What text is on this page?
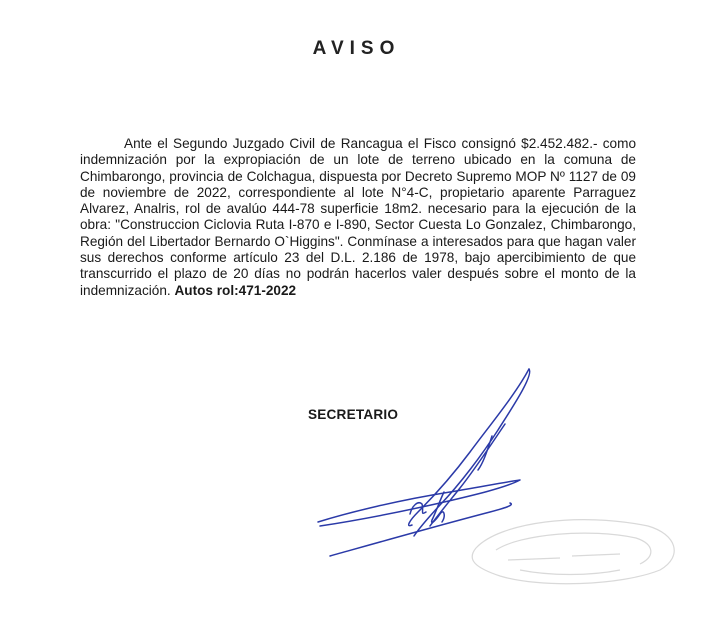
AVISO
Ante el Segundo Juzgado Civil de Rancagua el Fisco consignó $2.452.482.- como indemnización por la expropiación de un lote de terreno ubicado en la comuna de Chimbarongo, provincia de Colchagua, dispuesta por Decreto Supremo MOP Nº 1127 de 09 de noviembre de 2022, correspondiente al lote N°4-C, propietario aparente Parraguez Alvarez, Analris, rol de avalúo 444-78 superficie 18m2. necesario para la ejecución de la obra: "Construccion Ciclovia Ruta I-870 e I-890, Sector Cuesta Lo Gonzalez, Chimbarongo, Región del Libertador Bernardo O`Higgins". Conmínase a interesados para que hagan valer sus derechos conforme artículo 23 del D.L. 2.186 de 1978, bajo apercibimiento de que transcurrido el plazo de 20 días no podrán hacerlos valer después sobre el monto de la indemnización. Autos rol:471-2022
SECRETARIO
